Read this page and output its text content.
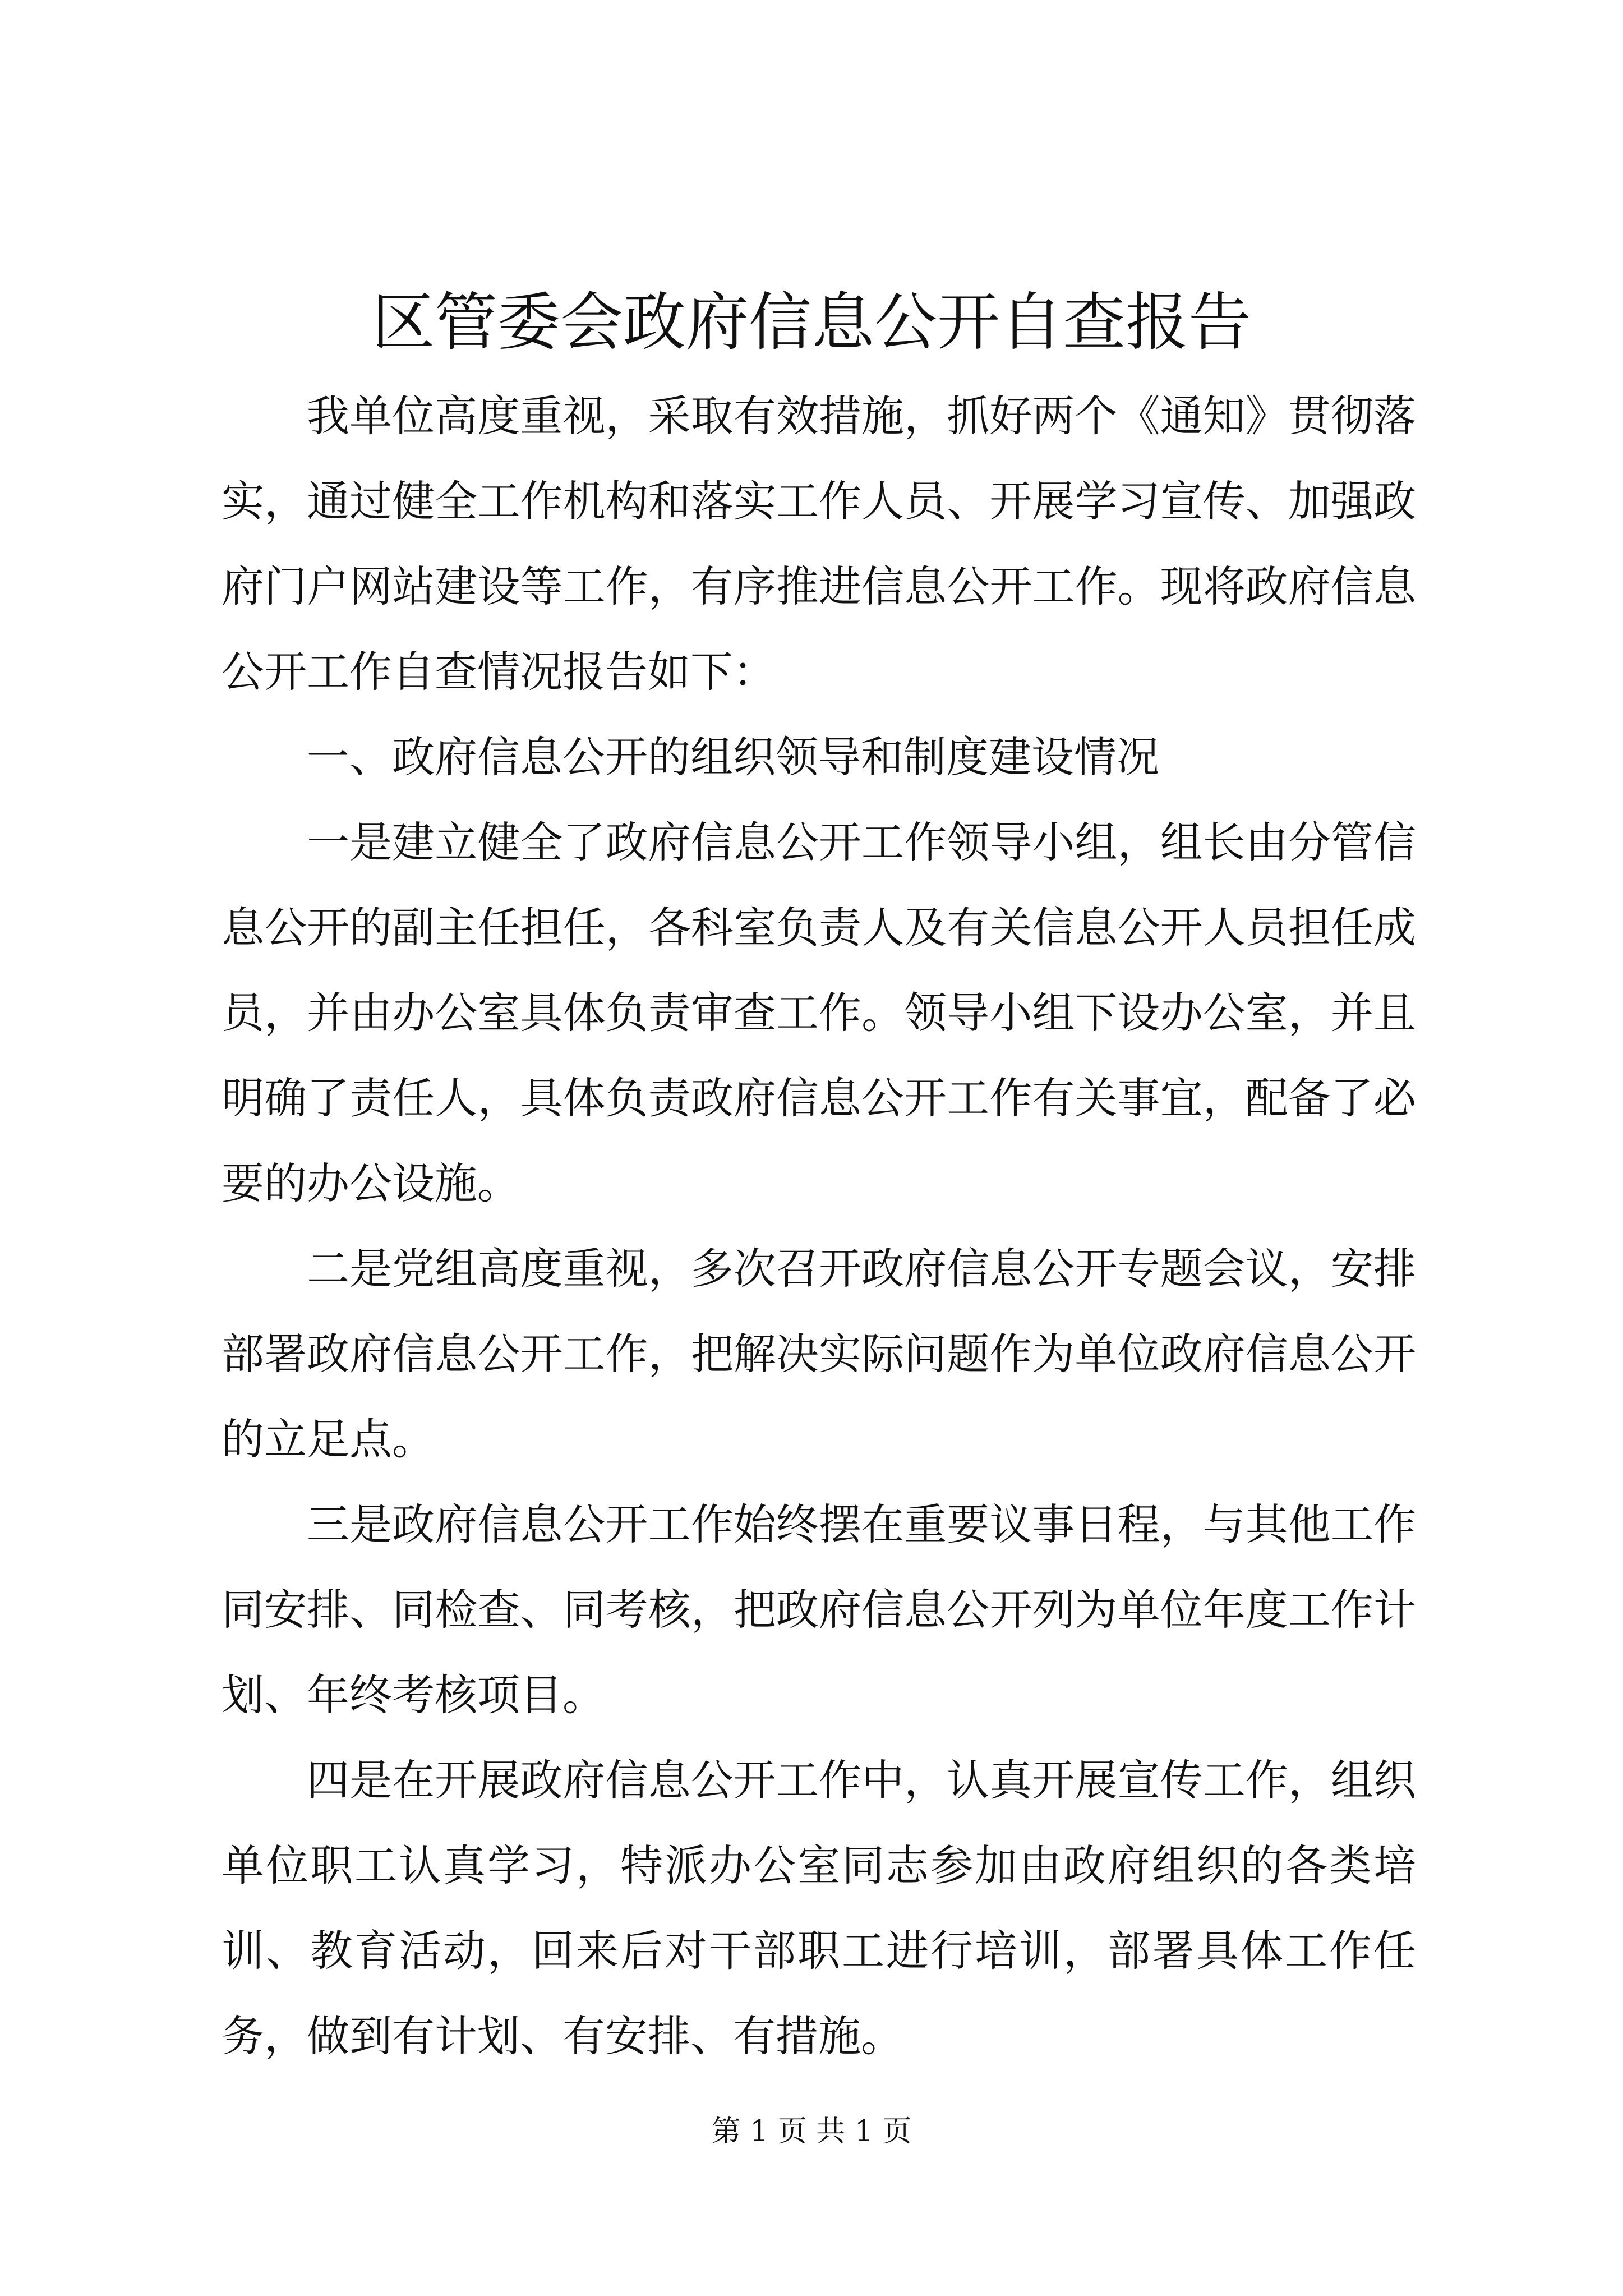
区管委会政府信息公开自查报告

我单位高度重视，采取有效措施，抓好两个《通知》贯彻落实，通过健全工作机构和落实工作人员、开展学习宣传、加强政府门户网站建设等工作，有序推进信息公开工作。现将政府信息公开工作自查情况报告如下：

一、政府信息公开的组织领导和制度建设情况

一是建立健全了政府信息公开工作领导小组，组长由分管信息公开的副主任担任，各科室负责人及有关信息公开人员担任成员，并由办公室具体负责审查工作。领导小组下设办公室，并且明确了责任人，具体负责政府信息公开工作有关事宜，配备了必要的办公设施。

二是党组高度重视，多次召开政府信息公开专题会议，安排部署政府信息公开工作，把解决实际问题作为单位政府信息公开的立足点。

三是政府信息公开工作始终摆在重要议事日程，与其他工作同安排、同检查、同考核，把政府信息公开列为单位年度工作计划、年终考核项目。

四是在开展政府信息公开工作中，认真开展宣传工作，组织单位职工认真学习，特派办公室同志参加由政府组织的各类培训、教育活动，回来后对干部职工进行培训，部署具体工作任务，做到有计划、有安排、有措施。

第 1 页 共 1 页
